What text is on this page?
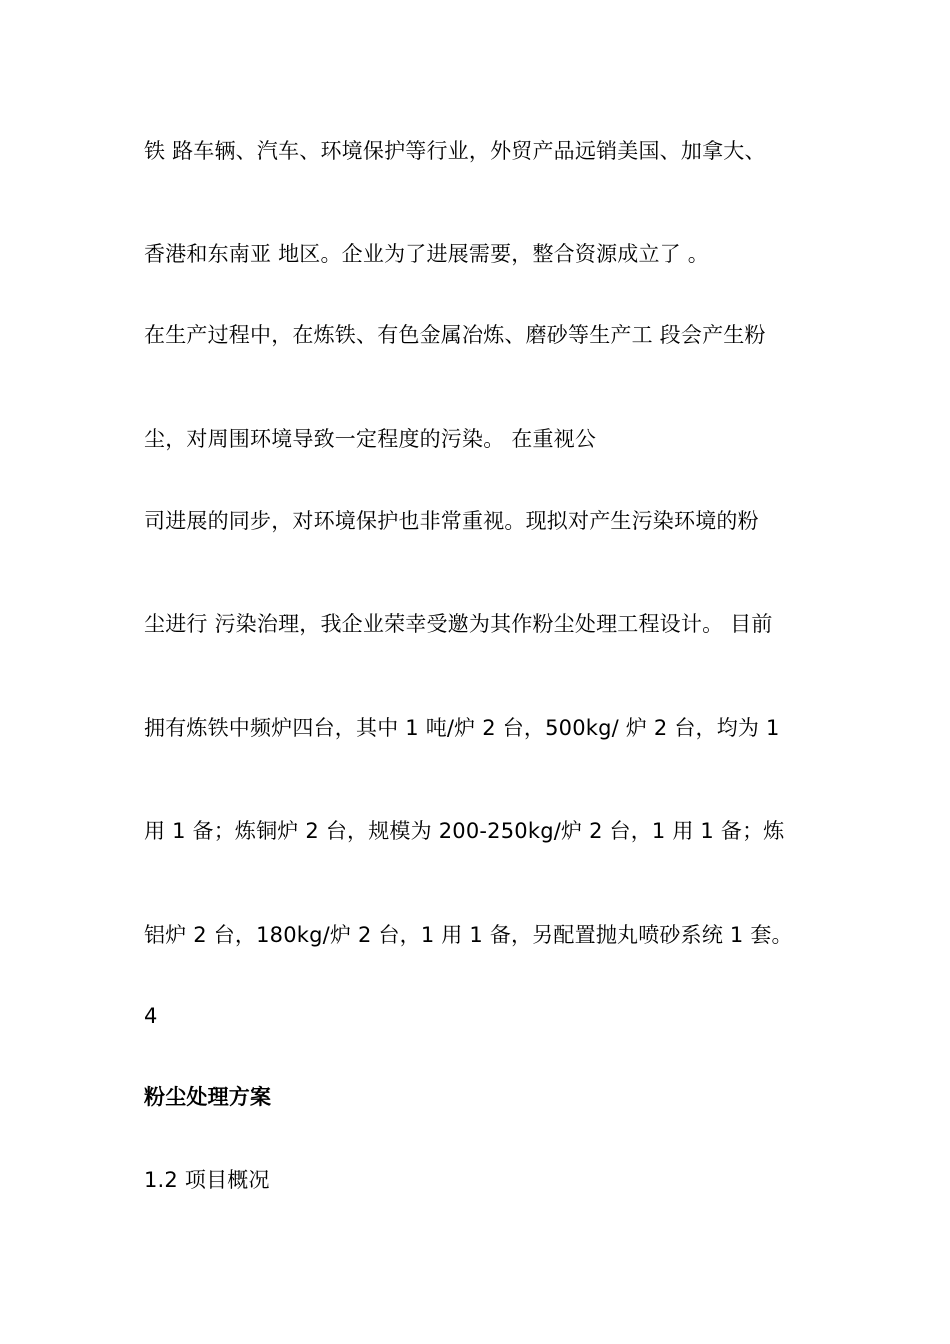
铁 路车辆、汽车、环境保护等行业，外贸产品远销美国、加拿大、
香港和东南亚 地区。企业为了进展需要，整合资源成立了 。
在生产过程中，在炼铁、有色金属冶炼、磨砂等生产工 段会产生粉
尘，对周围环境导致一定程度的污染。 在重视公
司进展的同步，对环境保护也非常重视。现拟对产生污染环境的粉
尘进行 污染治理，我企业荣幸受邀为其作粉尘处理工程设计。 目前
拥有炼铁中频炉四台，其中 1 吨/炉 2 台，500kg/ 炉 2 台，均为 1
用 1 备；炼铜炉 2 台，规模为 200-250kg/炉 2 台，1 用 1 备；炼
铝炉 2 台，180kg/炉 2 台，1 用 1 备，另配置抛丸喷砂系统 1 套。
4
粉尘处理方案
1.2 项目概况
